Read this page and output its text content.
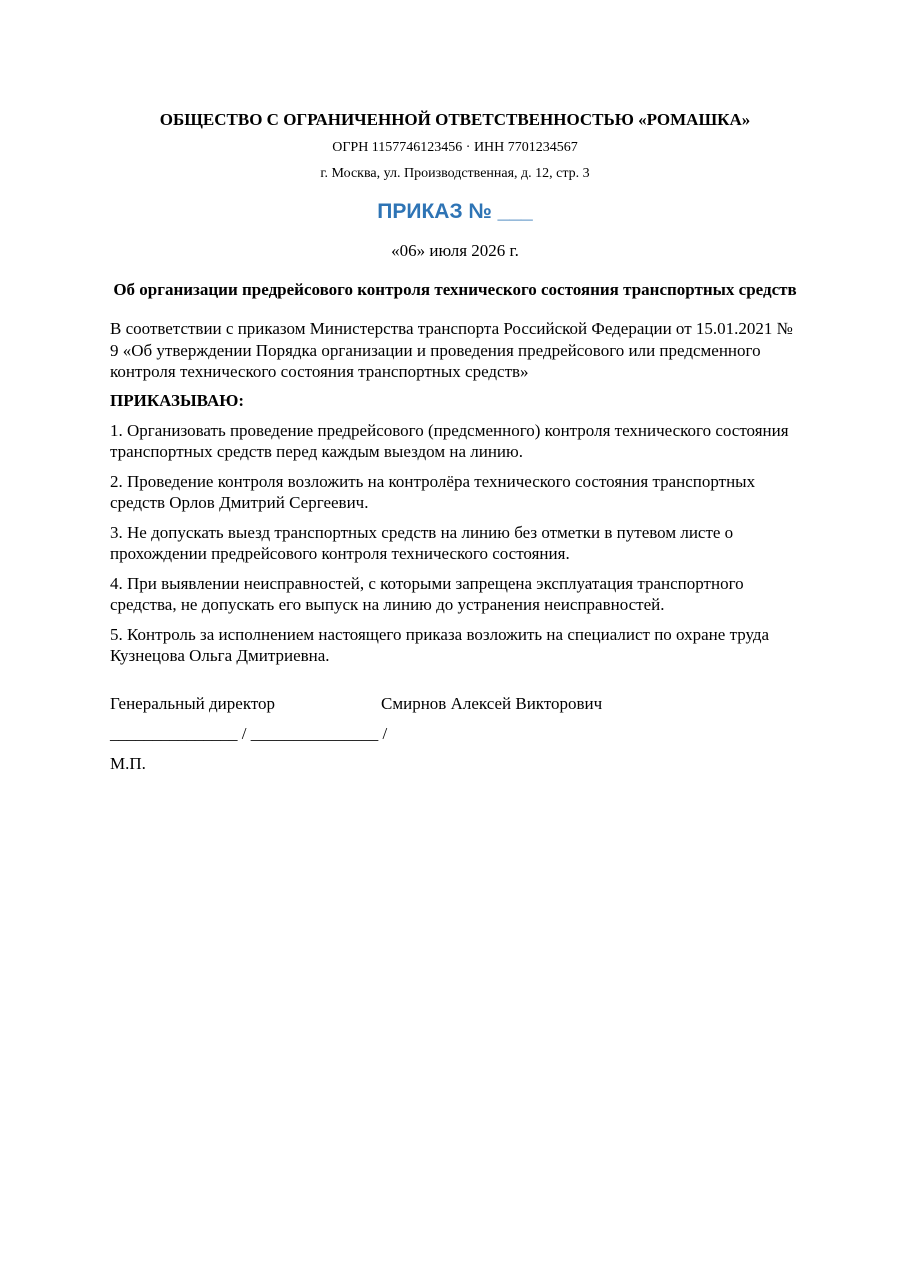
ОБЩЕСТВО С ОГРАНИЧЕННОЙ ОТВЕТСТВЕННОСТЬЮ «РОМАШКА»

ОГРН 1157746123456 · ИНН 7701234567

г. Москва, ул. Производственная, д. 12, стр. 3

ПРИКАЗ № ___

«06» июля 2026 г.

Об организации предрейсового контроля технического состояния транспортных средств

В соответствии с приказом Министерства транспорта Российской Федерации от 15.01.2021 № 9 «Об утверждении Порядка организации и проведения предрейсового или предсменного контроля технического состояния транспортных средств»

ПРИКАЗЫВАЮ:

1. Организовать проведение предрейсового (предсменного) контроля технического состояния транспортных средств перед каждым выездом на линию.

2. Проведение контроля возложить на контролёра технического состояния транспортных средств Орлов Дмитрий Сергеевич.

3. Не допускать выезд транспортных средств на линию без отметки в путевом листе о прохождении предрейсового контроля технического состояния.

4. При выявлении неисправностей, с которыми запрещена эксплуатация транспортного средства, не допускать его выпуск на линию до устранения неисправностей.

5. Контроль за исполнением настоящего приказа возложить на специалист по охране труда Кузнецова Ольга Дмитриевна.

Генеральный директор	Смирнов Алексей Викторович

_______________ / _______________ /

М.П.
